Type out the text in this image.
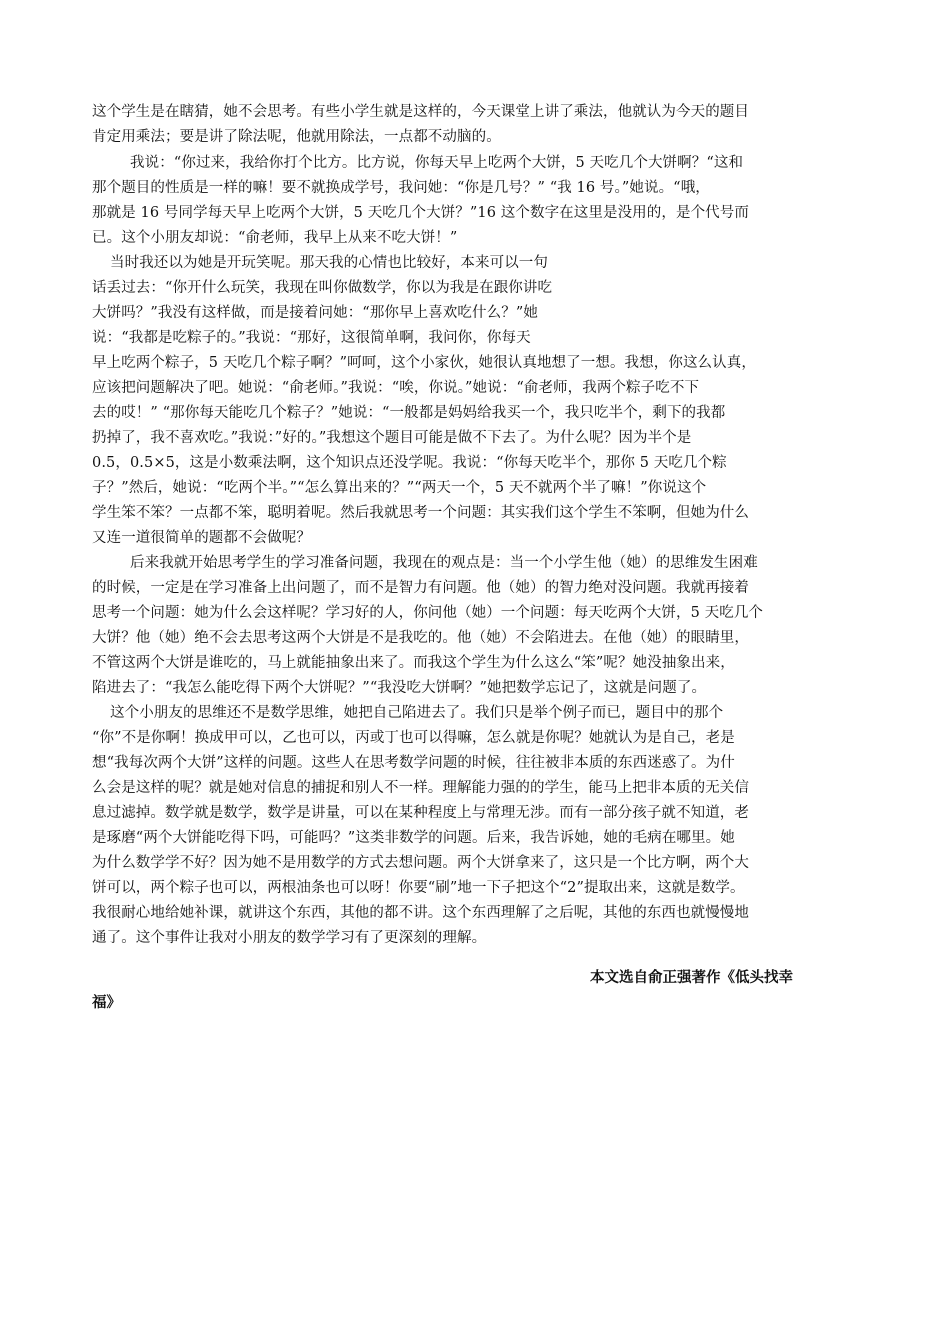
这个学生是在瞎猜，她不会思考。有些小学生就是这样的，今天课堂上讲了乘法，他就认为今天的题目
肯定用乘法；要是讲了除法呢，他就用除法，一点都不动脑的。
我说：“你过来，我给你打个比方。比方说，你每天早上吃两个大饼，5 天吃几个大饼啊？“这和
那个题目的性质是一样的嘛！要不就换成学号，我问她：“你是几号？” “我 16 号。”她说。“哦，
那就是 16 号同学每天早上吃两个大饼，5 天吃几个大饼？”16 这个数字在这里是没用的，是个代号而
已。这个小朋友却说：“俞老师，我早上从来不吃大饼！”
当时我还以为她是开玩笑呢。那天我的心情也比较好，本来可以一句
话丢过去：“你开什么玩笑，我现在叫你做数学，你以为我是在跟你讲吃
大饼吗？”我没有这样做，而是接着问她：“那你早上喜欢吃什么？”她
说：“我都是吃粽子的。”我说：“那好，这很简单啊，我问你，你每天
早上吃两个粽子，5 天吃几个粽子啊？”呵呵，这个小家伙，她很认真地想了一想。我想，你这么认真，
应该把问题解决了吧。她说：“俞老师。”我说：“唉，你说。”她说：“俞老师，我两个粽子吃不下
去的哎！” “那你每天能吃几个粽子？”她说：“一般都是妈妈给我买一个，我只吃半个，剩下的我都
扔掉了，我不喜欢吃。”我说：”好的。”我想这个题目可能是做不下去了。为什么呢？因为半个是
0.5，0.5×5，这是小数乘法啊，这个知识点还没学呢。我说：“你每天吃半个，那你 5 天吃几个粽
子？”然后，她说：“吃两个半。”“怎么算出来的？”“两天一个，5 天不就两个半了嘛！”你说这个
学生笨不笨？一点都不笨，聪明着呢。然后我就思考一个问题：其实我们这个学生不笨啊，但她为什么
又连一道很简单的题都不会做呢？
后来我就开始思考学生的学习准备问题，我现在的观点是：当一个小学生他（她）的思维发生困难
的时候，一定是在学习准备上出问题了，而不是智力有问题。他（她）的智力绝对没问题。我就再接着
思考一个问题：她为什么会这样呢？学习好的人，你问他（她）一个问题：每天吃两个大饼，5 天吃几个
大饼？他（她）绝不会去思考这两个大饼是不是我吃的。他（她）不会陷进去。在他（她）的眼睛里，
不管这两个大饼是谁吃的，马上就能抽象出来了。而我这个学生为什么这么“笨”呢？她没抽象出来，
陷进去了：“我怎么能吃得下两个大饼呢？”“我没吃大饼啊？”她把数学忘记了，这就是问题了。
这个小朋友的思维还不是数学思维，她把自己陷进去了。我们只是举个例子而已，题目中的那个
“你”不是你啊！换成甲可以，乙也可以，丙或丁也可以得嘛，怎么就是你呢？她就认为是自己，老是
想“我每次两个大饼”这样的问题。这些人在思考数学问题的时候，往往被非本质的东西迷惑了。为什
么会是这样的呢？就是她对信息的捕捉和别人不一样。理解能力强的的学生，能马上把非本质的无关信
息过滤掉。数学就是数学，数学是讲量，可以在某种程度上与常理无涉。而有一部分孩子就不知道，老
是琢磨“两个大饼能吃得下吗，可能吗？”这类非数学的问题。后来，我告诉她，她的毛病在哪里。她
为什么数学学不好？因为她不是用数学的方式去想问题。两个大饼拿来了，这只是一个比方啊，两个大
饼可以，两个粽子也可以，两根油条也可以呀！你要“刷”地一下子把这个“2”提取出来，这就是数学。
我很耐心地给她补课，就讲这个东西，其他的都不讲。这个东西理解了之后呢，其他的东西也就慢慢地
通了。这个事件让我对小朋友的数学学习有了更深刻的理解。
本文选自俞正强著作《低头找幸
福》
